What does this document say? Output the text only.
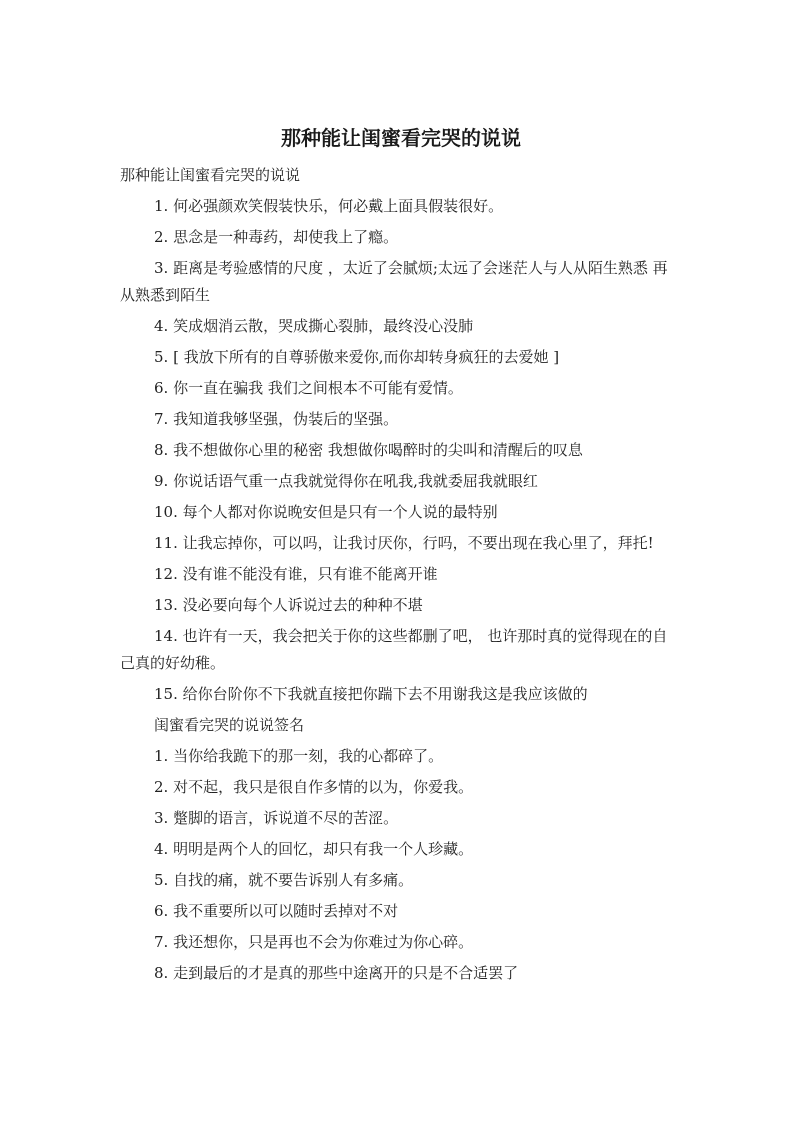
那种能让闺蜜看完哭的说说

那种能让闺蜜看完哭的说说

1. 何必强颜欢笑假装快乐，何必戴上面具假装很好。

2. 思念是一种毒药，却使我上了瘾。

3. 距离是考验感情的尺度 ，太近了会腻烦;太远了会迷茫人与人从陌生熟悉 再从熟悉到陌生

4. 笑成烟消云散，哭成撕心裂肺，最终没心没肺

5. [ 我放下所有的自尊骄傲来爱你,而你却转身疯狂的去爱她 ]

6. 你一直在骗我 我们之间根本不可能有爱情。

7. 我知道我够坚强，伪装后的坚强。

8. 我不想做你心里的秘密 我想做你喝醉时的尖叫和清醒后的叹息

9. 你说话语气重一点我就觉得你在吼我,我就委屈我就眼红

10. 每个人都对你说晚安但是只有一个人说的最特别

11. 让我忘掉你，可以吗，让我讨厌你，行吗，不要出现在我心里了，拜托!

12. 没有谁不能没有谁，只有谁不能离开谁

13. 没必要向每个人诉说过去的种种不堪

14. 也许有一天，我会把关于你的这些都删了吧， 也许那时真的觉得现在的自己真的好幼稚。

15. 给你台阶你不下我就直接把你踹下去不用谢我这是我应该做的

闺蜜看完哭的说说签名

1. 当你给我跪下的那一刻，我的心都碎了。

2. 对不起，我只是很自作多情的以为，你爱我。

3. 蹩脚的语言，诉说道不尽的苦涩。

4. 明明是两个人的回忆，却只有我一个人珍藏。

5. 自找的痛，就不要告诉别人有多痛。

6. 我不重要所以可以随时丢掉对不对

7. 我还想你，只是再也不会为你难过为你心碎。

8. 走到最后的才是真的那些中途离开的只是不合适罢了
